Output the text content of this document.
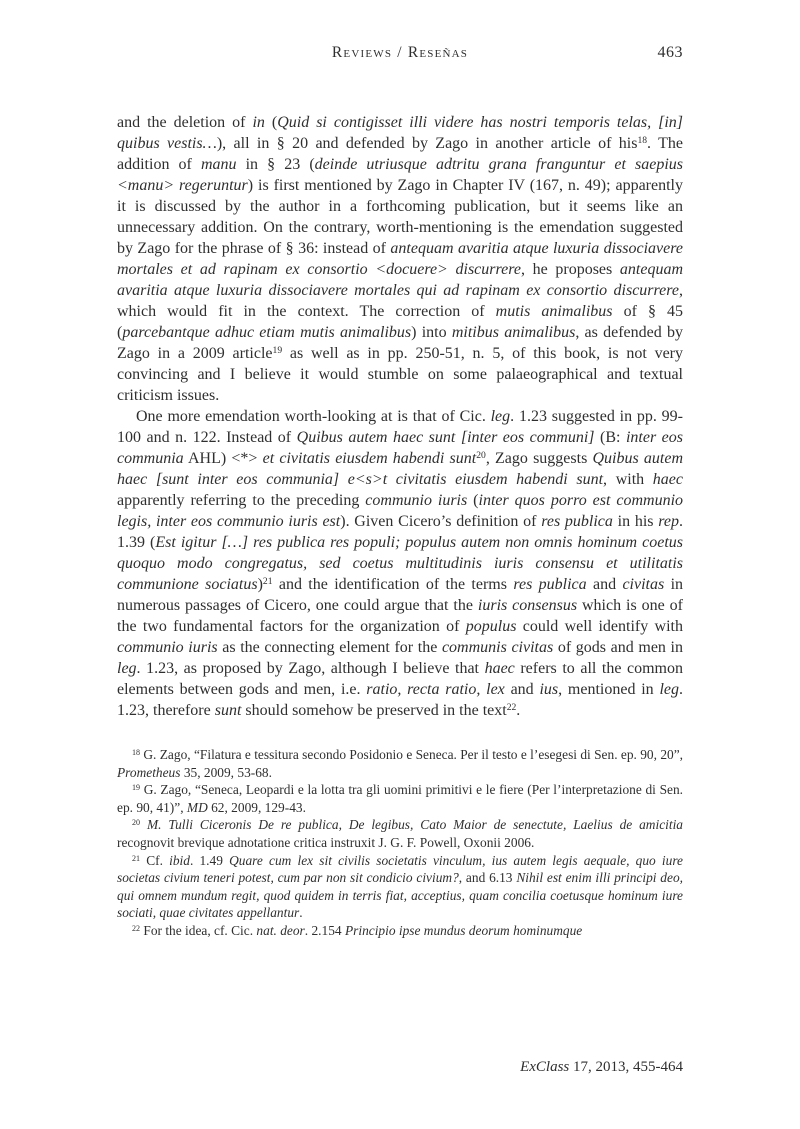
Reviews / Reseñas	463

and the deletion of in (Quid si contigisset illi videre has nostri temporis telas, [in] quibus vestis…), all in § 20 and defended by Zago in another article of his$^{18}$. The addition of manu in § 23 (deinde utriusque adtritu grana franguntur et saepius <manu> regeruntur) is first mentioned by Zago in Chapter IV (167, n. 49); apparently it is discussed by the author in a forthcoming publication, but it seems like an unnecessary addition. On the contrary, worth-mentioning is the emendation suggested by Zago for the phrase of § 36: instead of antequam avaritia atque luxuria dissociavere mortales et ad rapinam ex consortio <docuere> discurrere, he proposes antequam avaritia atque luxuria dissociavere mortales qui ad rapinam ex consortio discurrere, which would fit in the context. The correction of mutis animalibus of § 45 (parcebantque adhuc etiam mutis animalibus) into mitibus animalibus, as defended by Zago in a 2009 article$^{19}$ as well as in pp. 250-51, n. 5, of this book, is not very convincing and I believe it would stumble on some palaeographical and textual criticism issues.

One more emendation worth-looking at is that of Cic. leg. 1.23 suggested in pp. 99-100 and n. 122. Instead of Quibus autem haec sunt [inter eos communi] (B: inter eos communia AHL) <*> et civitatis eiusdem habendi sunt$^{20}$, Zago suggests Quibus autem haec [sunt inter eos communia] e<s>t civitatis eiusdem habendi sunt, with haec apparently referring to the preceding communio iuris (inter quos porro est communio legis, inter eos communio iuris est). Given Cicero’s definition of res publica in his rep. 1.39 (Est igitur […] res publica res populi; populus autem non omnis hominum coetus quoquo modo congregatus, sed coetus multitudinis iuris consensu et utilitatis communione sociatus)$^{21}$ and the identification of the terms res publica and civitas in numerous passages of Cicero, one could argue that the iuris consensus which is one of the two fundamental factors for the organization of populus could well identify with communio iuris as the connecting element for the communis civitas of gods and men in leg. 1.23, as proposed by Zago, although I believe that haec refers to all the common elements between gods and men, i.e. ratio, recta ratio, lex and ius, mentioned in leg. 1.23, therefore sunt should somehow be preserved in the text$^{22}$.

$^{18}$ G. Zago, “Filatura e tessitura secondo Posidonio e Seneca. Per il testo e l’esegesi di Sen. ep. 90, 20”, Prometheus 35, 2009, 53-68.

$^{19}$ G. Zago, “Seneca, Leopardi e la lotta tra gli uomini primitivi e le fiere (Per l’interpretazione di Sen. ep. 90, 41)”, MD 62, 2009, 129-43.

$^{20}$ M. Tulli Ciceronis De re publica, De legibus, Cato Maior de senectute, Laelius de amicitia recognovit brevique adnotatione critica instruxit J. G. F. Powell, Oxonii 2006.

$^{21}$ Cf. ibid. 1.49 Quare cum lex sit civilis societatis vinculum, ius autem legis aequale, quo iure societas civium teneri potest, cum par non sit condicio civium?, and 6.13 Nihil est enim illi principi deo, qui omnem mundum regit, quod quidem in terris fiat, acceptius, quam concilia coetusque hominum iure sociati, quae civitates appellantur.

$^{22}$ For the idea, cf. Cic. nat. deor. 2.154 Principio ipse mundus deorum hominumque

ExClass 17, 2013, 455-464
